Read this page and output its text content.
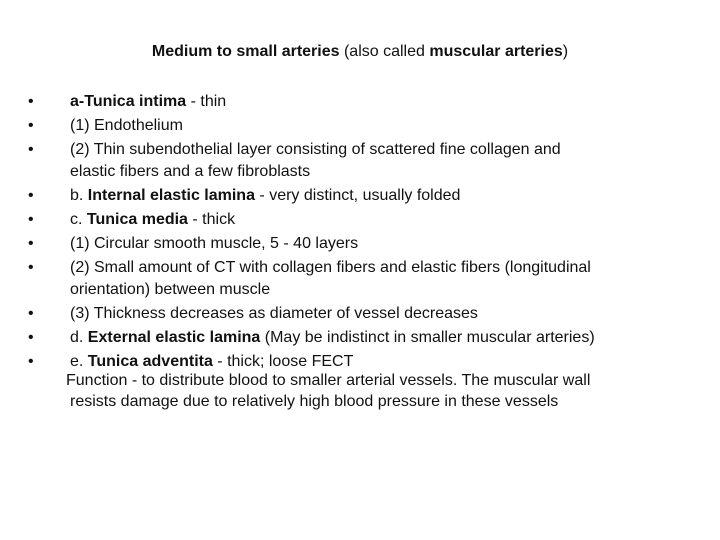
Medium to small arteries (also called muscular arteries)
• a-Tunica intima - thin
• (1) Endothelium
• (2) Thin subendothelial layer consisting of scattered fine collagen and
elastic fibers and a few fibroblasts
• b. Internal elastic lamina - very distinct, usually folded
• c. Tunica media - thick
• (1) Circular smooth muscle, 5 - 40 layers
• (2) Small amount of CT with collagen fibers and elastic fibers (longitudinal
orientation) between muscle
• (3) Thickness decreases as diameter of vessel decreases
• d. External elastic lamina (May be indistinct in smaller muscular arteries)
• e. Tunica adventita - thick; loose FECT

Function - to distribute blood to smaller arterial vessels. The muscular wall
resists damage due to relatively high blood pressure in these vessels
